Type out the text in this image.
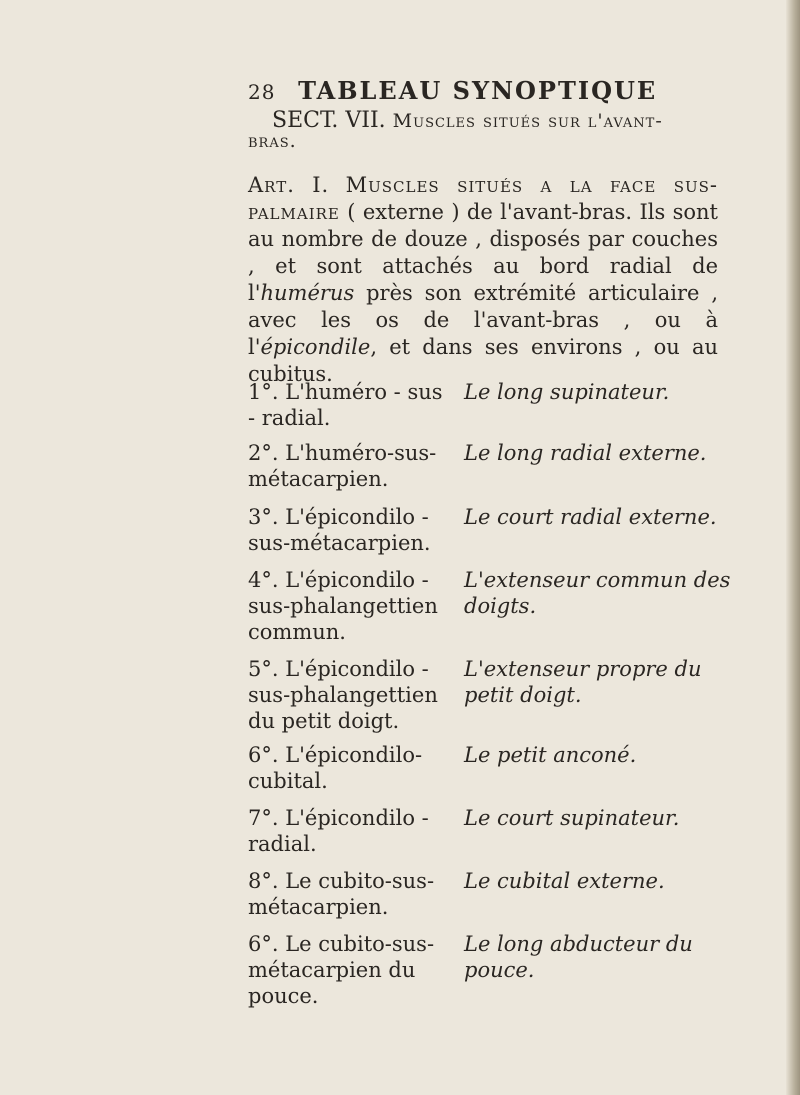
28 TABLEAU SYNOPTIQUE
SECT. VII. Muscles situés sur l'avant-
bras.
Art. I. Muscles situés a la face sus-palmaire ( externe ) de l'avant-bras. Ils sont au nombre de douze , disposés par couches , et sont attachés au bord radial de l'humérus près son extrémité articulaire , avec les os de l'avant-bras , ou à l'épicondile, et dans ses environs , ou au cubitus.
1°. L'huméro - sus - radial.
Le long supinateur.
2°. L'huméro-sus-métacarpien.
Le long radial externe.
3°. L'épicondilo - sus-métacarpien.
Le court radial externe.
4°. L'épicondilo - sus-phalangettien commun.
L'extenseur commun des doigts.
5°. L'épicondilo - sus-phalangettien du petit doigt.
L'extenseur propre du petit doigt.
6°. L'épicondilo-cubital.
Le petit anconé.
7°. L'épicondilo - radial.
Le court supinateur.
8°. Le cubito-sus-métacarpien.
Le cubital externe.
6°. Le cubito-sus-métacarpien du pouce.
Le long abducteur du pouce.
